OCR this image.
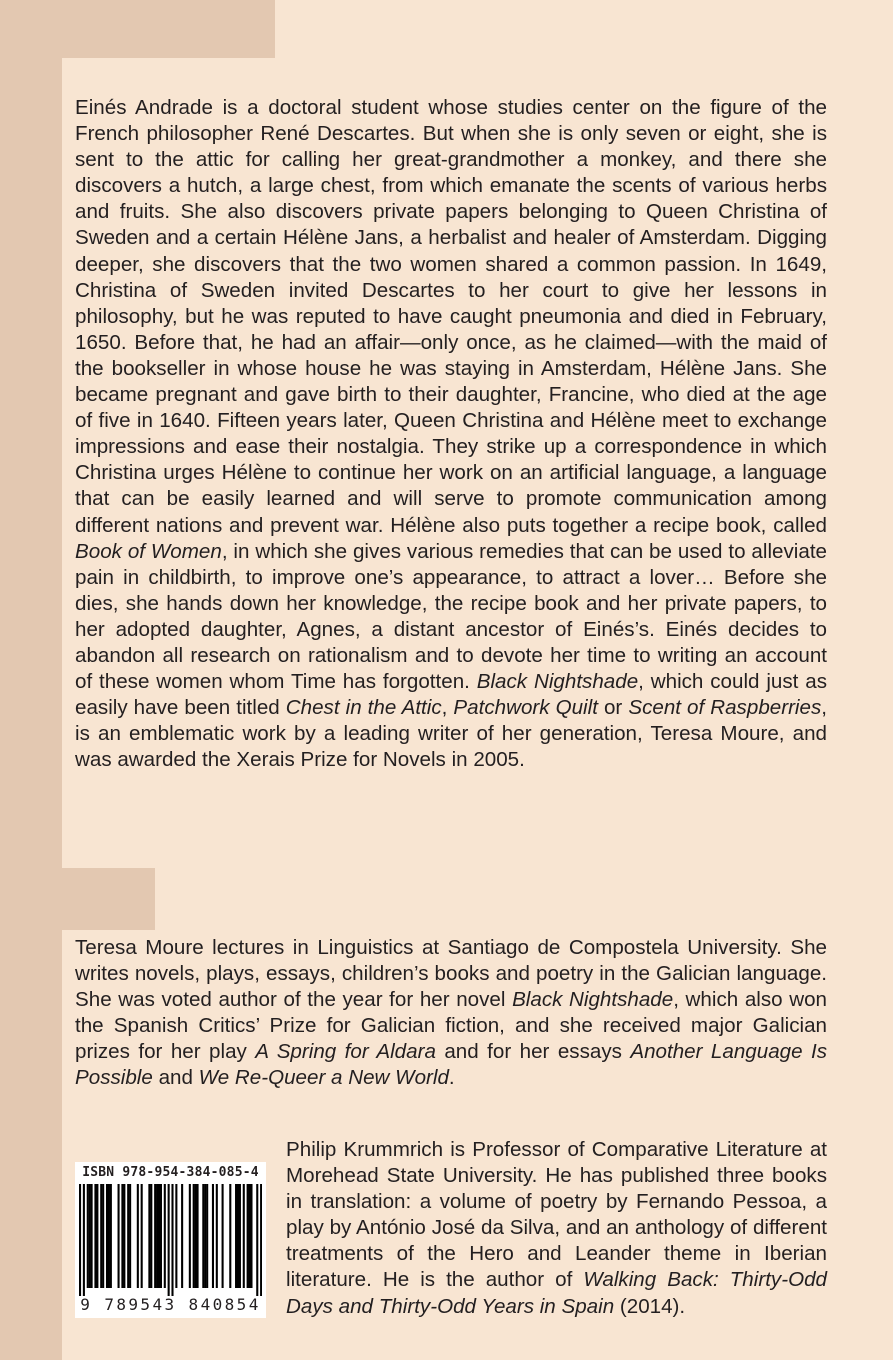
Einés Andrade is a doctoral student whose studies center on the figure of the French philosopher René Descartes. But when she is only seven or eight, she is sent to the attic for calling her great-grandmother a monkey, and there she discovers a hutch, a large chest, from which emanate the scents of various herbs and fruits. She also discovers private papers belonging to Queen Christina of Sweden and a certain Hélène Jans, a herbalist and healer of Amsterdam. Digging deeper, she discovers that the two women shared a common passion. In 1649, Christina of Sweden invited Descartes to her court to give her lessons in philosophy, but he was reputed to have caught pneumonia and died in February, 1650. Before that, he had an affair—only once, as he claimed—with the maid of the bookseller in whose house he was staying in Amsterdam, Hélène Jans. She became pregnant and gave birth to their daughter, Francine, who died at the age of five in 1640. Fifteen years later, Queen Christina and Hélène meet to exchange impressions and ease their nostalgia. They strike up a correspondence in which Christina urges Hélène to continue her work on an artificial language, a language that can be easily learned and will serve to promote communication among different nations and prevent war. Hélène also puts together a recipe book, called Book of Women, in which she gives various remedies that can be used to alleviate pain in childbirth, to improve one’s appearance, to attract a lover… Before she dies, she hands down her knowledge, the recipe book and her private papers, to her adopted daughter, Agnes, a distant ancestor of Einés’s. Einés decides to abandon all research on rationalism and to devote her time to writing an account of these women whom Time has forgotten. Black Nightshade, which could just as easily have been titled Chest in the Attic, Patchwork Quilt or Scent of Raspberries, is an emblematic work by a leading writer of her generation, Teresa Moure, and was awarded the Xerais Prize for Novels in 2005.
Teresa Moure lectures in Linguistics at Santiago de Compostela University. She writes novels, plays, essays, children’s books and poetry in the Galician language. She was voted author of the year for her novel Black Nightshade, which also won the Spanish Critics’ Prize for Galician fiction, and she received major Galician prizes for her play A Spring for Aldara and for her essays Another Language Is Possible and We Re-Queer a New World.
Philip Krummrich is Professor of Comparative Literature at Morehead State University. He has published three books in translation: a volume of poetry by Fernando Pessoa, a play by António José da Silva, and an anthology of different treatments of the Hero and Leander theme in Iberian literature. He is the author of Walking Back: Thirty-Odd Days and Thirty-Odd Years in Spain (2014).
ISBN 978-954-384-085-4
9 789543 840854
